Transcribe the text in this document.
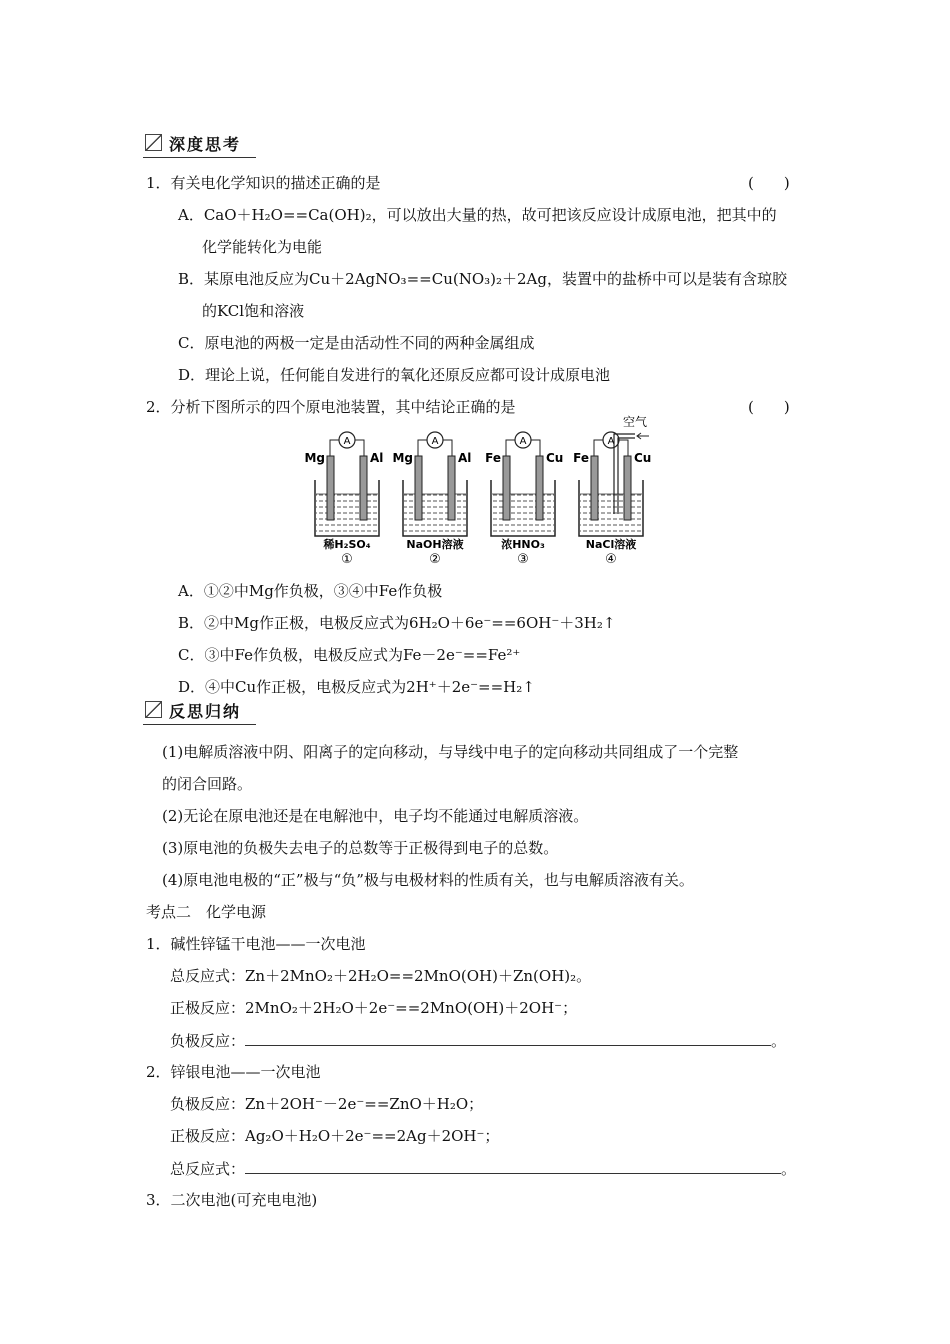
深度思考
1．有关电化学知识的描述正确的是	(　　)
A．CaO＋H₂O==Ca(OH)₂，可以放出大量的热，故可把该反应设计成原电池，把其中的
化学能转化为电能
B．某原电池反应为Cu＋2AgNO₃==Cu(NO₃)₂＋2Ag，装置中的盐桥中可以是装有含琼胶
的KCl饱和溶液
C．原电池的两极一定是由活动性不同的两种金属组成
D．理论上说，任何能自发进行的氧化还原反应都可设计成原电池
2．分析下图所示的四个原电池装置，其中结论正确的是	(　　)
A
Mg	Al
稀H₂SO₄
①
A
Mg	Al
NaOH溶液
②
A
Fe	Cu
浓HNO₃
③
A
Fe	Cu
NaCl溶液
④
空气
A．①②中Mg作负极，③④中Fe作负极
B．②中Mg作正极，电极反应式为6H₂O＋6e⁻==6OH⁻＋3H₂↑
C．③中Fe作负极，电极反应式为Fe－2e⁻==Fe²⁺
D．④中Cu作正极，电极反应式为2H⁺＋2e⁻==H₂↑
反思归纳
(1)电解质溶液中阴、阳离子的定向移动，与导线中电子的定向移动共同组成了一个完整
的闭合回路。
(2)无论在原电池还是在电解池中，电子均不能通过电解质溶液。
(3)原电池的负极失去电子的总数等于正极得到电子的总数。
(4)原电池电极的“正”极与“负”极与电极材料的性质有关，也与电解质溶液有关。
考点二　化学电源
1．碱性锌锰干电池——一次电池
总反应式：Zn＋2MnO₂＋2H₂O==2MnO(OH)＋Zn(OH)₂。
正极反应：2MnO₂＋2H₂O＋2e⁻==2MnO(OH)＋2OH⁻；
负极反应：	。
2．锌银电池——一次电池
负极反应：Zn＋2OH⁻－2e⁻==ZnO＋H₂O；
正极反应：Ag₂O＋H₂O＋2e⁻==2Ag＋2OH⁻；
总反应式：	。
3．二次电池(可充电电池)
